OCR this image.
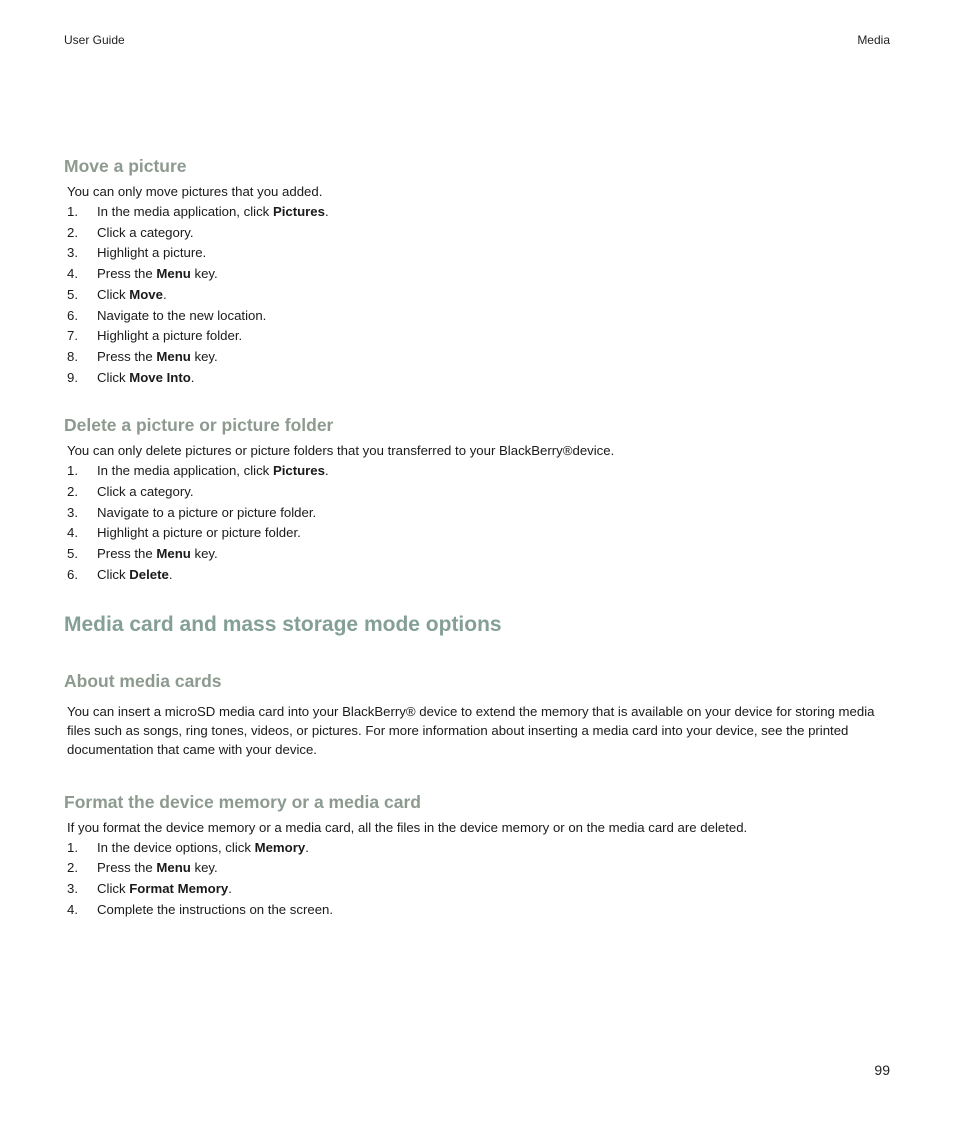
User Guide	Media
Move a picture

You can only move pictures that you added.

1.	In the media application, click Pictures.
2.	Click a category.
3.	Highlight a picture.
4.	Press the Menu key.
5.	Click Move.
6.	Navigate to the new location.
7.	Highlight a picture folder.
8.	Press the Menu key.
9.	Click Move Into.
Delete a picture or picture folder

You can only delete pictures or picture folders that you transferred to your BlackBerry®device.

1.	In the media application, click Pictures.
2.	Click a category.
3.	Navigate to a picture or picture folder.
4.	Highlight a picture or picture folder.
5.	Press the Menu key.
6.	Click Delete.
Media card and mass storage mode options
About media cards

You can insert a microSD media card into your BlackBerry® device to extend the memory that is available on your device for storing media files such as songs, ring tones, videos, or pictures. For more information about inserting a media card into your device, see the printed documentation that came with your device.

Format the device memory or a media card

If you format the device memory or a media card, all the files in the device memory or on the media card are deleted.

1.	In the device options, click Memory.
2.	Press the Menu key.
3.	Click Format Memory.
4.	Complete the instructions on the screen.
99
